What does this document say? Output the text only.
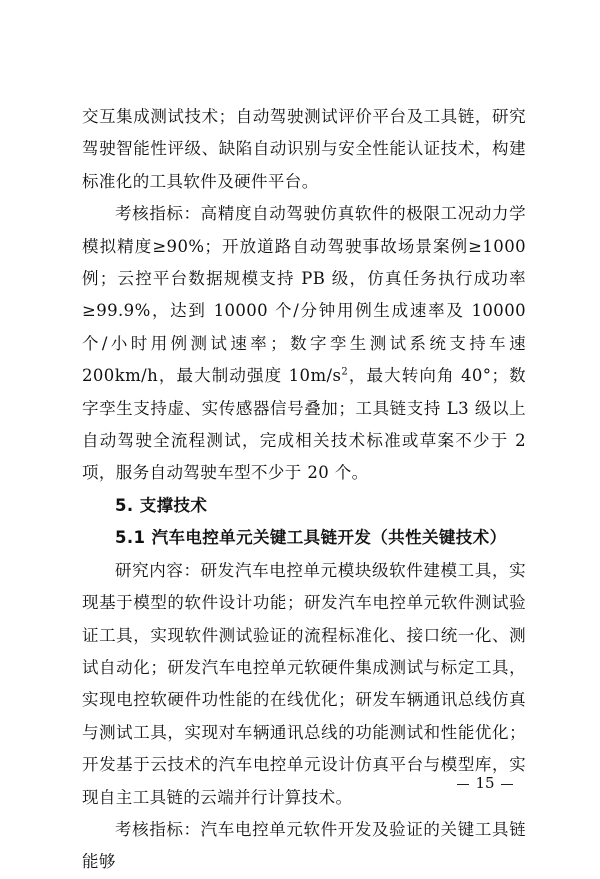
交互集成测试技术；自动驾驶测试评价平台及工具链，研究驾驶智能性评级、缺陷自动识别与安全性能认证技术，构建标准化的工具软件及硬件平台。

考核指标：高精度自动驾驶仿真软件的极限工况动力学模拟精度≥90%；开放道路自动驾驶事故场景案例≥1000 例；云控平台数据规模支持 PB 级，仿真任务执行成功率≥99.9%，达到 10000 个/分钟用例生成速率及 10000 个/小时用例测试速率；数字孪生测试系统支持车速 200km/h，最大制动强度 $10m/s^2$，最大转向角 40°；数字孪生支持虚、实传感器信号叠加；工具链支持 L3 级以上自动驾驶全流程测试，完成相关技术标准或草案不少于 2 项，服务自动驾驶车型不少于 20 个。

5. 支撑技术

5.1 汽车电控单元关键工具链开发（共性关键技术）

研究内容：研发汽车电控单元模块级软件建模工具，实现基于模型的软件设计功能；研发汽车电控单元软件测试验证工具，实现软件测试验证的流程标准化、接口统一化、测试自动化；研发汽车电控单元软硬件集成测试与标定工具，实现电控软硬件功性能的在线优化；研发车辆通讯总线仿真与测试工具，实现对车辆通讯总线的功能测试和性能优化；开发基于云技术的汽车电控单元设计仿真平台与模型库，实现自主工具链的云端并行计算技术。

考核指标：汽车电控单元软件开发及验证的关键工具链能够

15
